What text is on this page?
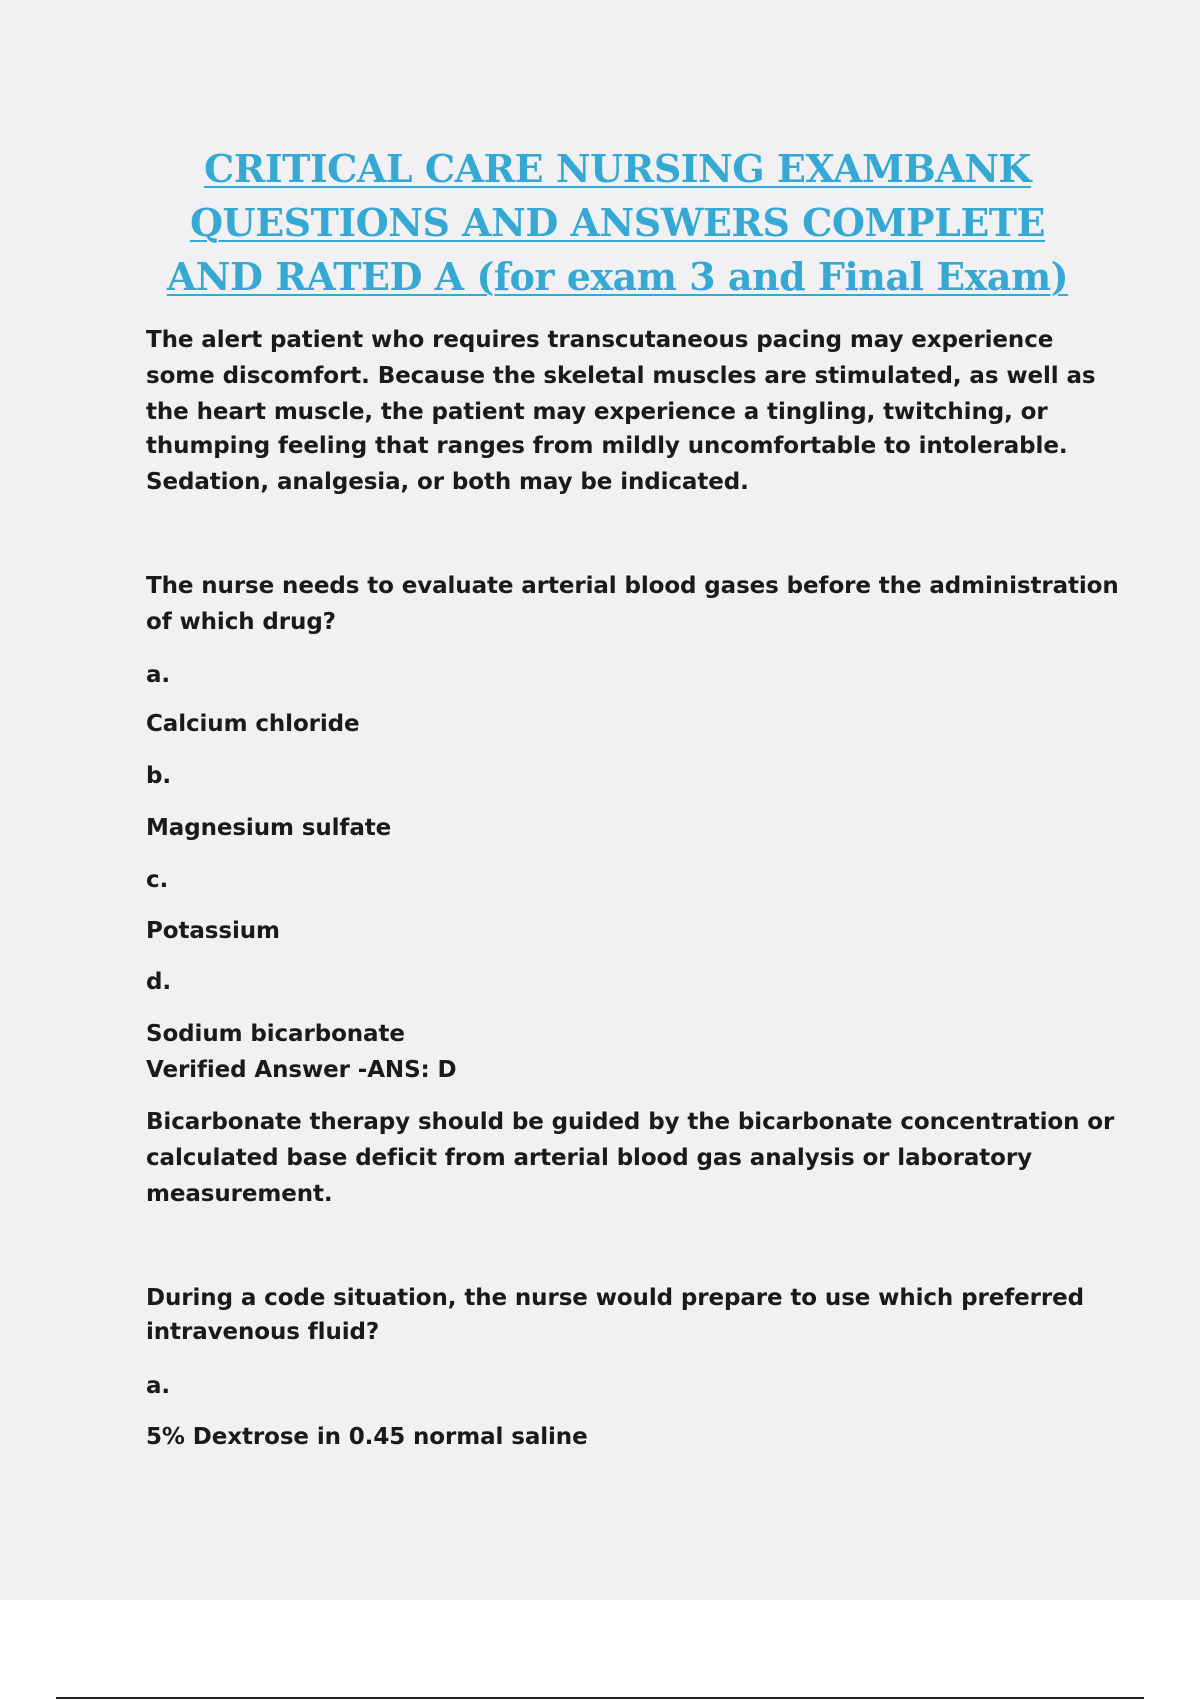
CRITICAL CARE NURSING EXAMBANK
QUESTIONS AND ANSWERS COMPLETE
AND RATED A (for exam 3 and Final Exam)

The alert patient who requires transcutaneous pacing may experience

some discomfort. Because the skeletal muscles are stimulated, as well as

the heart muscle, the patient may experience a tingling, twitching, or

thumping feeling that ranges from mildly uncomfortable to intolerable.

Sedation, analgesia, or both may be indicated.

The nurse needs to evaluate arterial blood gases before the administration

of which drug?

a.

Calcium chloride

b.

Magnesium sulfate

c.

Potassium

d.

Sodium bicarbonate

Verified Answer -ANS: D

Bicarbonate therapy should be guided by the bicarbonate concentration or

calculated base deficit from arterial blood gas analysis or laboratory

measurement.

During a code situation, the nurse would prepare to use which preferred

intravenous fluid?

a.

5% Dextrose in 0.45 normal saline
